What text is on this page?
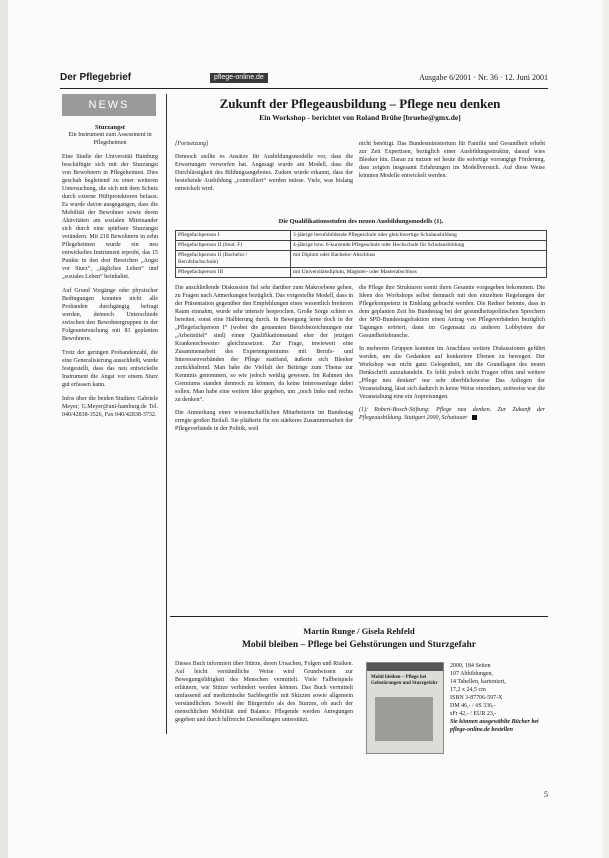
Der Pflegebrief	pflege-online.de	Ausgabe 6/2001 · Nr. 36 · 12. Juni 2001
NEWS
Sturzangst
Ein Instrument zum Assessment in Pflegeheimen

Eine Studie der Universität Hamburg beschäftigte sich mit der Sturzangst von Bewohnern in Pflegeheimen. Dies geschah begleitend zu einer weiteren Untersuchung, die sich mit dem Schutz durch externe Hüftprotektoren befasst. Es wurde davon ausgegangen, dass die Mobilität der Bewohner sowie deren Aktivitäten am sozialen Miteinander sich durch eine spürbare Sturzangst verändern. Mit 218 Bewohnern in zehn Pflegeheimen wurde ein neu entwickeltes Instrument erprobt, das 15 Punkte in den drei Bereichen „Angst vor Sturz“, „tägliches Leben“ und „soziales Leben“ beinhaltet.

Auf Grund Vorgänge oder physischer Bedingungen konnten nicht alle Probanden durchgängig befragt werden, dennoch Unterschiede zwischen den Bewohnergruppen in der Folgeuntersuchung mit 83 geplanten Bewohnern.

Trotz der geringen Probandenzahl, die eine Generalisierung ausschließt, wurde festgestellt, dass das neu entwickelte Instrument die Angst vor einem Sturz gut erfassen kann.

Infos über die beiden Studien: Gabriele Meyer, G.Meyer@uni-hamburg.de Tel. 040/42838-3526, Fax 040/42838-3732.

Zukunft der Pflegeausbildung – Pflege neu denken
Ein Workshop - berichtet von Roland Brühe [bruehe@gmx.de]

[Fortsetzung]

Dennoch stellte es Ansätze für Ausbildungsmodelle vor, dass die Erwartungen verworfen hat. Angesagt wurde am Modell, dass die Durchlässigkeit des Bildungsangebotes. Zudem wurde erkannt, dass der bestehende Ausbildung „controlliert“ werden müsse. Viele, was bislang entwickelt wird.

nicht benötigt. Das Bundesministerium für Familie und Gesundheit erhebt zur Zeit Expertisen, bezüglich einer Ausbildungsstruktur, darauf wies Bleeker hin. Daran zu nutzen sei heute die sofortige vorrangige Förderung, dass zeigten insgesamt Erfahrungen im Modellversuch. Auf diese Weise könnten Modelle entwickelt werden.

Die Qualifikationsstufen des neuen Ausbildungsmodells (1).
Pflegefachperson I	3-jährige berufsbildende Pflegeschule oder gleichwertige Schulausbildung
Pflegefachperson II (Stud. F)	4-jährige bzw. 6-kurzende Pflegeschule oder Hochschule für Schulausbildung
Pflegefachperson II (Bachelor / Berufsfachschule)	mit Diplom oder Bachelor-Abschluss
Pflegefachperson III	mit Universitätsdiplom, Magister- oder Masterabschluss

Die anschließende Diskussion fiel sehr darüber zum Makroebene gehen, zu Fragen nach Anmerkungen bezüglich. Das vorgestellte Modell, dass in der Präsentation gegenüber den Empfehlungen eines wesentlich breiteren Raum einnahm, wurde sehr intensiv besprochen. Große Sorge schien es bereiten, sonst eine Halbierung durch. In Bewegung lerne doch in der „Pflegefachperson I“ (wobei die genannten Berufsbezeichnungen nur „Arbeitstitel“ sind) einen Qualifikationsstand eher der jetzigen Krankenschwester gleichzusetzen. Zur Frage, inwieweit eine Zusammenarbeit des Expertengremiums mit Berufs- und Interessenverbänden der Pflege stattfand, äußerte sich Bleeker zurückhaltend. Man habe die Vielfalt der Beiträge zum Thema zur Kenntnis genommen, so wie jedoch weitlig gewesen. Im Rahmen des Gremiums standen dennoch zu können, da keine Interessenlage dabei sollen. Man habe eine weitere Idee gegeben, um „noch links und rechts zu denken“.

Die Anmerkung einer wissenschaftlichen Mitarbeiterin im Bundestag erregte großen Beifall. Sie plädierte für ein stärkeres Zusammenarbeit der Pflegeverbände in der Politik, weil

die Pflege ihre Strukturen somit ihren Gesamte vorgegeben bekommen. Die Ideen des Workshops selbst demnach mit den einzelnen Regelungen der Pflegekompetenz in Einklang gebracht werden. Die Redner betonte, dass in dem geplanten Zeit bis Bundestag bei der gesundheitspolitischen Sprechern der SPD-Bundestagsfraktion einen Antrag von Pflegeverbänden bezüglich Tagungen erörtert, dann im Gegensatz zu anderen Lobbyisten der Gesundheitsbranche.

In mehreren Gruppen konnten im Anschluss weitere Diskussionen geführt werden, um die Gedanken auf konkretere Ebenen zu bewegen. Der Workshop war nicht ganz Gelegenheit, um die Grundlagen des neuen Denkschrift auszuhandeln. Es fehlt jedoch nicht Fragen offen und weitere „Pflege neu denken“ nur sehr überblicksweise Das Anliegen der Veranstaltung, lässt sich dadurch in keine Weise einordnen, zeitweise war die Veranstaltung eine ein Anpreisungen.

(1): Robert-Bosch-Stiftung: Pflege neu denken. Zur Zukunft der Pflegeausbildung. Stuttgart 2000, Schattauer

Martin Runge / Gisela Rehfeld
Mobil bleiben – Pflege bei Gehstörungen und Sturzgefahr

Dieses Buch informiert über Stürze, deren Ursachen, Folgen und Risiken. Auf leicht verständliche Weise wird Grundwissen zur Bewegungsfähigkeit des Menschen vermittelt. Viele Fallbeispiele erläutern, wie Stürze verhindert werden können. Das Buch vermittelt umfassend auf medizinische Sachbegriffe mit Skizzen sowie allgemein verständlichen. Sowohl der Bürgerinfo als des Sturzes, ob auch der menschlichen Mobilität und Balance. Pflegende werden Anregungen gegeben und durch hilfreiche Darstellungen unterstützt.

Mobil bleiben – Pflege bei Gehstörungen und Sturzgefahr
2000, 184 Seiten
107 Abbildungen,
14 Tabellen, kartoniert,
17,2 x 24,5 cm
ISBN 3-87706-597-X
DM 46,- / öS 336,-
sFr 42,- / EUR 23,-
Sie können ausgewählte Bücher bei pflege-online.de bestellen
5
